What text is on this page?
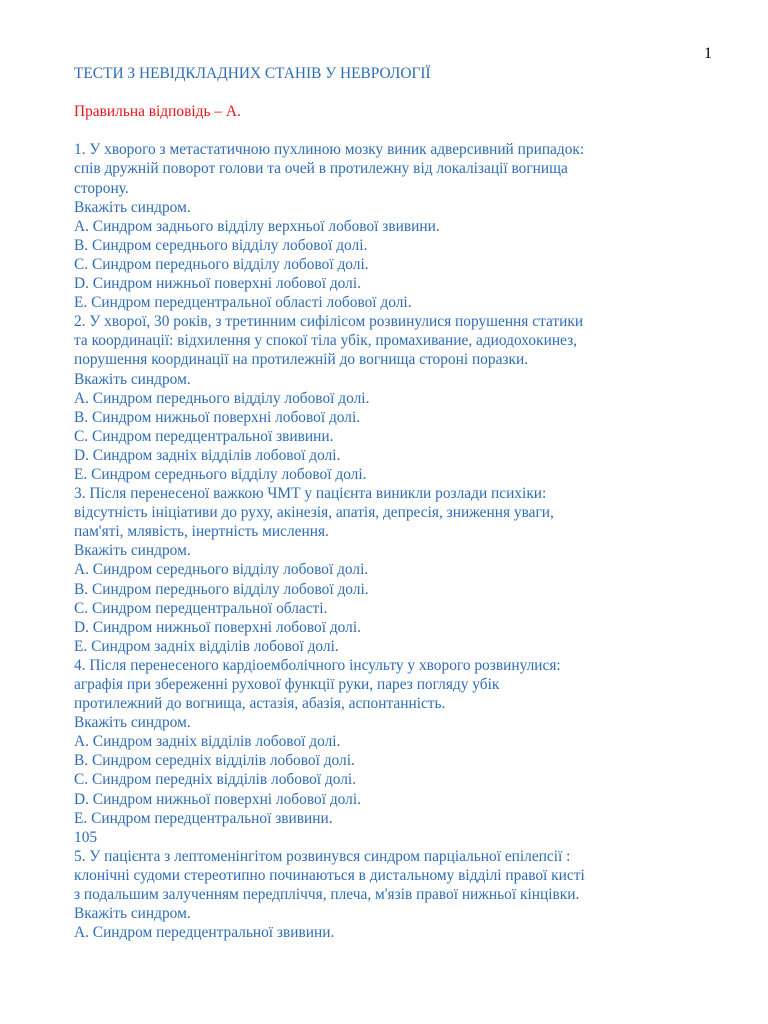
1
ТЕСТИ З НЕВІДКЛАДНИХ СТАНІВ У НЕВРОЛОГІЇ
Правильна відповідь – А.
1. У хворого з метастатичною пухлиною мозку виник адверсивний припадок:
спів дружній поворот голови та очей в протилежну від локалізації вогнища
сторону.
Вкажіть синдром.
A. Синдром заднього відділу верхньої лобової звивини.
B. Синдром середнього відділу лобової долі.
C. Синдром переднього відділу лобової долі.
D. Синдром нижньої поверхні лобової долі.
E. Синдром передцентральної області лобової долі.
2. У хворої, 30 років, з третинним сифілісом розвинулися порушення статики
та координації: відхилення у спокої тіла убік, промахивание, адиодохокинез,
порушення координації на протилежній до вогнища стороні поразки.
Вкажіть синдром.
A. Синдром переднього відділу лобової долі.
B. Синдром нижньої поверхні лобової долі.
C. Синдром передцентральної звивини.
D. Синдром задніх відділів лобової долі.
E. Синдром середнього відділу лобової долі.
3. Після перенесеної важкою ЧМТ у пацієнта виникли розлади психіки:
відсутність ініціативи до руху, акінезія, апатія, депресія, зниження уваги,
пам'яті, млявість, інертність мислення.
Вкажіть синдром.
A. Синдром середнього відділу лобової долі.
B. Синдром переднього відділу лобової долі.
C. Синдром передцентральної області.
D. Синдром нижньої поверхні лобової долі.
E. Синдром задніх відділів лобової долі.
4. Після перенесеного кардіоемболічного інсульту у хворого розвинулися:
аграфія при збереженні рухової функції руки, парез погляду убік
протилежний до вогнища, астазія, абазія, аспонтанність.
Вкажіть синдром.
A. Синдром задніх відділів лобової долі.
B. Синдром середніх відділів лобової долі.
C. Синдром передніх відділів лобової долі.
D. Синдром нижньої поверхні лобової долі.
E. Синдром передцентральної звивини.
105
5. У пацієнта з лептоменінгітом розвинувся синдром парціальної епілепсії :
клонічні судоми стереотипно починаються в дистальному відділі правої кисті
з подальшим залученням передпліччя, плеча, м'язів правої нижньої кінцівки.
Вкажіть синдром.
A. Синдром передцентральної звивини.
